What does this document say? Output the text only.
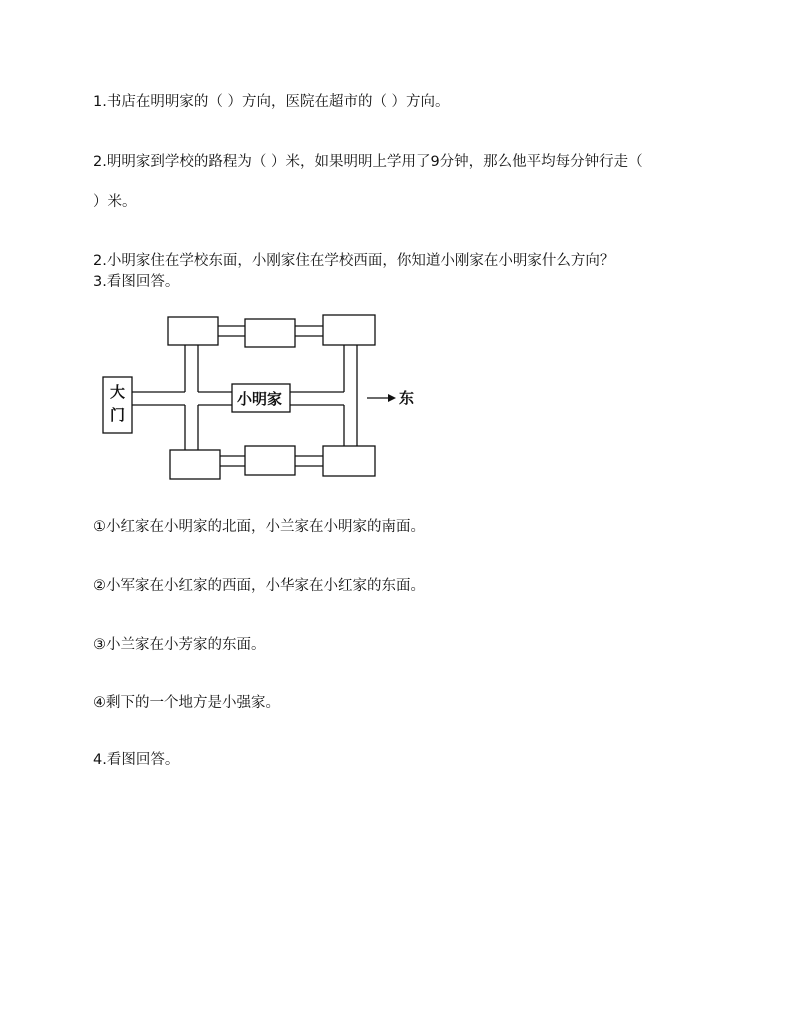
1.书店在明明家的（ ）方向，医院在超市的（ ）方向。
2.明明家到学校的路程为（ ）米，如果明明上学用了9分钟，那么他平均每分钟行走（
）米。
2.小明家住在学校东面，小刚家住在学校西面，你知道小刚家在小明家什么方向？
3.看图回答。
大
门
小明家	东
①小红家在小明家的北面，小兰家在小明家的南面。
②小军家在小红家的西面，小华家在小红家的东面。
③小兰家在小芳家的东面。
④剩下的一个地方是小强家。
4.看图回答。
